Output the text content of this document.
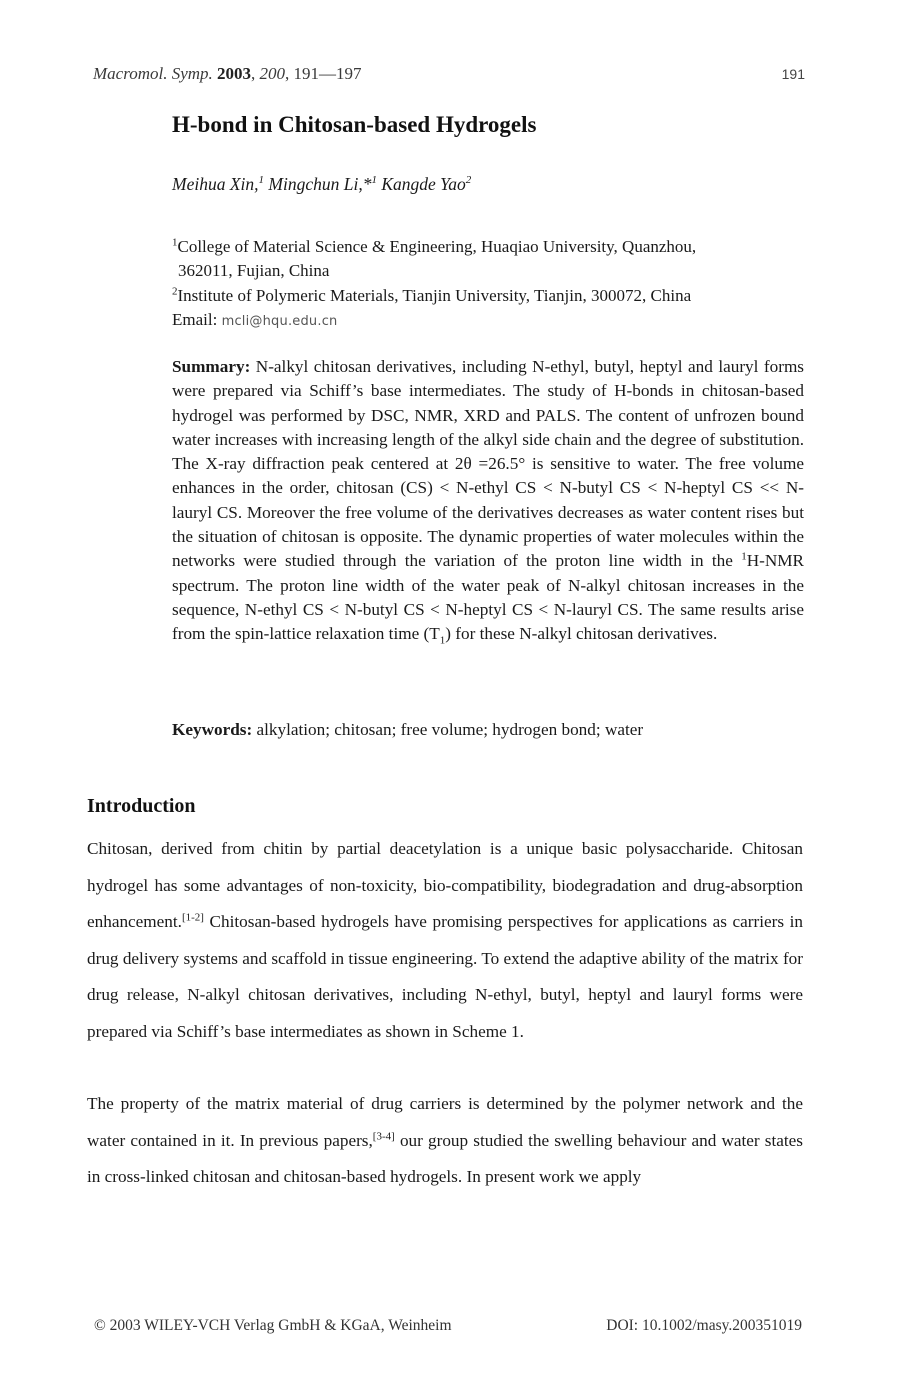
Macromol. Symp. 2003, 200, 191—197	191
H-bond in Chitosan-based Hydrogels
Meihua Xin,$^1$ Mingchun Li,*$^1$ Kangde Yao$^2$
$^1$College of Material Science & Engineering, Huaqiao University, Quanzhou,
362011, Fujian, China
$^2$Institute of Polymeric Materials, Tianjin University, Tianjin, 300072, China
Email: mcli@hqu.edu.cn
Summary: N-alkyl chitosan derivatives, including N-ethyl, butyl, heptyl and lauryl forms were prepared via Schiff’s base intermediates. The study of H-bonds in chitosan-based hydrogel was performed by DSC, NMR, XRD and PALS. The content of unfrozen bound water increases with increasing length of the alkyl side chain and the degree of substitution. The X-ray diffraction peak centered at 2θ =26.5° is sensitive to water. The free volume enhances in the order, chitosan (CS) < N-ethyl CS < N-butyl CS < N-heptyl CS << N-lauryl CS. Moreover the free volume of the derivatives decreases as water content rises but the situation of chitosan is opposite. The dynamic properties of water molecules within the networks were studied through the variation of the proton line width in the $^1$H-NMR spectrum. The proton line width of the water peak of N-alkyl chitosan increases in the sequence, N-ethyl CS < N-butyl CS < N-heptyl CS < N-lauryl CS. The same results arise from the spin-lattice relaxation time $(T_1)$ for these N-alkyl chitosan derivatives.
Keywords: alkylation; chitosan; free volume; hydrogen bond; water
Introduction
Chitosan, derived from chitin by partial deacetylation is a unique basic polysaccharide. Chitosan hydrogel has some advantages of non-toxicity, bio-compatibility, biodegradation and drug-absorption enhancement.[1-2] Chitosan-based hydrogels have promising perspectives for applications as carriers in drug delivery systems and scaffold in tissue engineering. To extend the adaptive ability of the matrix for drug release, N-alkyl chitosan derivatives, including N-ethyl, butyl, heptyl and lauryl forms were prepared via Schiff’s base intermediates as shown in Scheme 1.
The property of the matrix material of drug carriers is determined by the polymer network and the water contained in it. In previous papers,[3-4] our group studied the swelling behaviour and water states in cross-linked chitosan and chitosan-based hydrogels. In present work we apply
© 2003 WILEY-VCH Verlag GmbH & KGaA, Weinheim	DOI: 10.1002/masy.200351019
